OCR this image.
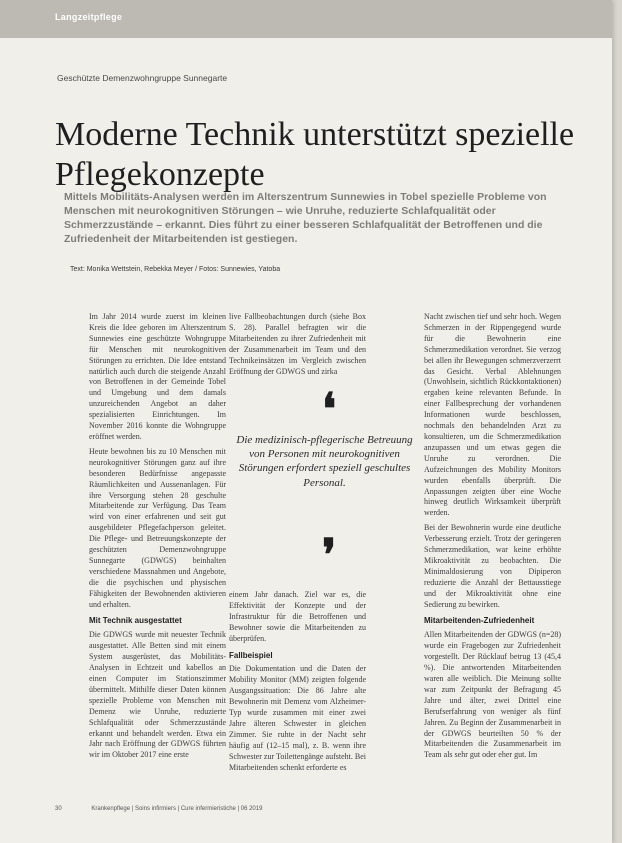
Langzeitpflege
Geschützte Demenzwohngruppe Sunnegarte
Moderne Technik unterstützt spezielle Pflegekonzepte
Mittels Mobilitäts-Analysen werden im Alterszentrum Sunnewies in Tobel spezielle Probleme von Menschen mit neurokognitiven Störungen – wie Unruhe, reduzierte Schlafqualität oder Schmerzzustände – erkannt. Dies führt zu einer besseren Schlafqualität der Betroffenen und die Zufriedenheit der Mitarbeitenden ist gestiegen.
Text: Monika Wettstein, Rebekka Meyer / Fotos: Sunnewies, Yatoba

Im Jahr 2014 wurde zuerst im kleinen Kreis die Idee geboren im Alterszentrum Sunnewies eine geschützte Wohngruppe für Menschen mit neurokognitiven Störungen zu errichten. Die Idee entstand natürlich auch durch die steigende Anzahl von Betroffenen in der Gemeinde Tobel und Umgebung und dem damals unzureichenden Angebot an daher spezialisierten Einrichtungen. Im November 2016 konnte die Wohngruppe eröffnet werden.

Heute bewohnen bis zu 10 Menschen mit neurokognitiver Störungen ganz auf ihre besonderen Bedürfnisse angepasste Räumlichkeiten und Aussenanlagen. Für ihre Versorgung stehen 28 geschulte Mitarbeitende zur Verfügung. Das Team wird von einer erfahrenen und seit gut ausgebildeter Pflegefachperson geleitet. Die Pflege- und Betreuungskonzepte der geschützten Demenzwohngruppe Sunnegarte (GDWGS) beinhalten verschiedene Massnahmen und Angebote, die die psychischen und physischen Fähigkeiten der Bewohnenden aktivieren und erhalten.

Mit Technik ausgestattet

Die GDWGS wurde mit neuester Technik ausgestattet. Alle Betten sind mit einem System ausgerüstet, das Mobilitäts-Analysen in Echtzeit und kabellos an einen Computer im Stationszimmer übermittelt. Mithilfe dieser Daten können spezielle Probleme von Menschen mit Demenz wie Unruhe, reduzierte Schlafqualität oder Schmerzzustände erkannt und behandelt werden. Etwa ein Jahr nach Eröffnung der GDWGS führten wir im Oktober 2017 eine erste

live Fallbeobachtungen durch (siehe Box S. 28). Parallel befragten wir die Mitarbeitenden zu ihrer Zufriedenheit mit der Zusammenarbeit im Team und den Technikeinsätzen im Vergleich zwischen Eröffnung der GDWGS und zirka

❛
Die medizinisch-pflegerische Betreuung von Personen mit neurokognitiven Störungen erfordert speziell geschultes Personal.
❜

einem Jahr danach. Ziel war es, die Effektivität der Konzepte und der Infrastruktur für die Betroffenen und Bewohner sowie die Mitarbeitenden zu überprüfen.

Fallbeispiel

Die Dokumentation und die Daten der Mobility Monitor (MM) zeigten folgende Ausgangssituation: Die 86 Jahre alte Bewohnerin mit Demenz vom Alzheimer-Typ wurde zusammen mit einer zwei Jahre älteren Schwester in gleichen Zimmer. Sie ruhte in der Nacht sehr häufig auf (12–15 mal), z. B. wenn ihre Schwester zur Toilettengänge aufsteht. Bei Mitarbeitenden schenkt erforderte es

Nacht zwischen tief und sehr hoch. Wegen Schmerzen in der Rippengegend wurde für die Bewohnerin eine Schmerzmedikation verordnet. Sie verzog bei allen ihr Bewegungen schmerzverzerrt das Gesicht. Verbal Ablehnungen (Unwohlsein, sichtlich Rückkontaktionen) ergaben keine relevanten Befunde. In einer Fallbesprechung der vorhandenen Informationen wurde beschlossen, nochmals den behandelnden Arzt zu konsultieren, um die Schmerzmedikation anzupassen und um etwas gegen die Unruhe zu verordnen. Die Aufzeichnungen des Mobility Monitors wurden ebenfalls überprüft. Die Anpassungen zeigten über eine Woche hinweg deutlich Wirksamkeit überprüft werden.

Bei der Bewohnerin wurde eine deutliche Verbesserung erzielt. Trotz der geringeren Schmerzmedikation, war keine erhöhte Mikroaktivität zu beobachten. Die Minimaldosierung von Dipiperon reduzierte die Anzahl der Bettausstiege und der Mikroaktivität ohne eine Sedierung zu bewirken.

Mitarbeitenden-Zufriedenheit

Allen Mitarbeitenden der GDWGS (n=28) wurde ein Fragebogen zur Zufriedenheit vorgestellt. Der Rücklauf betrug 13 (45,4 %). Die antwortenden Mitarbeitenden waren alle weiblich. Die Meinung sollte war zum Zeitpunkt der Befragung 45 Jahre und älter, zwei Drittel eine Berufserfahrung von weniger als fünf Jahren. Zu Beginn der Zusammenarbeit in der GDWGS beurteilten 50 % der Mitarbeitenden die Zusammenarbeit im Team als sehr gut oder eher gut. Im

30	Krankenpflege | Soins infirmiers | Cure infermieristiche | 06 2019
